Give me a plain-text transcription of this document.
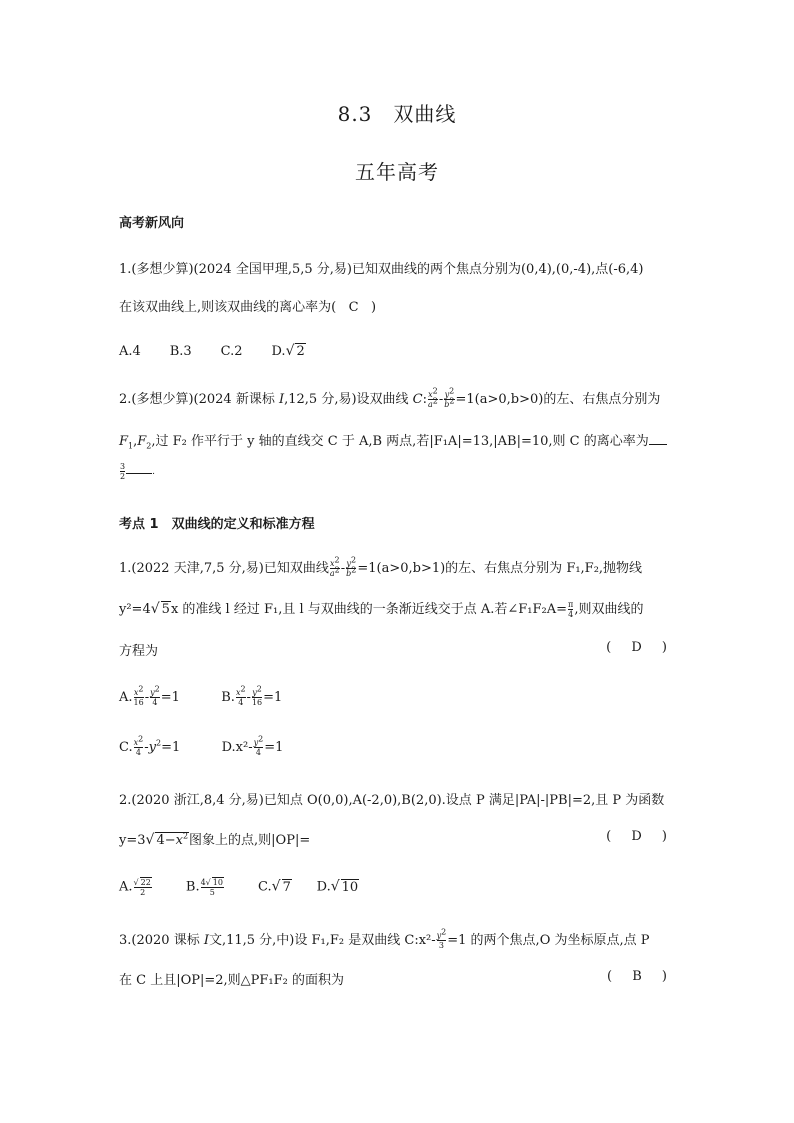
8.3　双曲线
五年高考
高考新风向
1.(多想少算)(2024 全国甲理,5,5 分,易)已知双曲线的两个焦点分别为(0,4),(0,-4),点(-6,4)
在该双曲线上,则该双曲线的离心率为( C   )
A.4 B.3 C.2 D.√ 2
2.(多想少算)(2024 新课标 I,12,5 分,易)设双曲线 C: $\frac{x^2}{a^2} - \frac{y^2}{b^2} =1(a>0,b>0)$的左、右焦点分别为
$F_1,F_2$,过 F₂ 作平行于 y 轴的直线交 C 于 A,B 两点,若|F₁A|=13,|AB|=10,则 C 的离心率为
$\frac{3}{2}$	.
考点 1　双曲线的定义和标准方程
1.(2022 天津,7,5 分,易)已知双曲线 $\frac{x^2}{a^2} - \frac{y^2}{b^2} =1(a>0,b>1)$的左、右焦点分别为 F₁,F₂,抛物线
y²=4√ 5x 的准线 l 经过 F₁,且 l 与双曲线的一条渐近线交于点 A.若∠F₁F₂A= $\frac{\pi}{4}$ ,则双曲线的
方程为	( D )
A. $\frac{x^2}{16} - \frac{y^2}{4} =1$          B. $\frac{x^2}{4} - \frac{y^2}{16} =1$
C. $\frac{x^2}{4} -y^2=1$          $D.x^2- \frac{y^2}{4} =1$
2.(2020 浙江,8,4 分,易)已知点 O(0,0),A(-2,0),B(2,0).设点 P 满足|PA|-|PB|=2,且 P 为函数
y=3√ $4-x^2$图象上的点,则|OP|=	( D )
A. $\frac{√ 22}{2}$	B. $\frac{4√ 10}{5}$	C.√ 7 D.√ 10
3.(2020 课标 I文,11,5 分,中)设 F₁,F₂ 是双曲线 C:x²- $\frac{y^2}{3} =1$ 的两个焦点,O 为坐标原点,点 P
在 C 上且|OP|=2,则△PF₁F₂ 的面积为	( B )
